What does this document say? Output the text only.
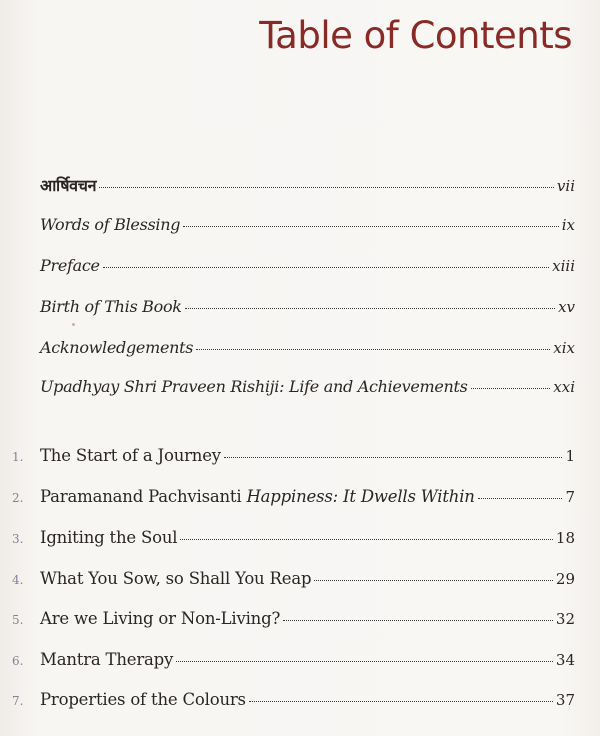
Table of Contents
आर्षिवचन	vii
Words of Blessing	ix
Preface	xiii
Birth of This Book	xv
Acknowledgements	xix
Upadhyay Shri Praveen Rishiji: Life and Achievements	xxi
1.	The Start of a Journey	1
2.	Paramanand Pachvisanti Happiness: It Dwells Within	7
3.	Igniting the Soul	18
4.	What You Sow, so Shall You Reap	29
5.	Are we Living or Non-Living?	32
6.	Mantra Therapy	34
7.	Properties of the Colours	37
